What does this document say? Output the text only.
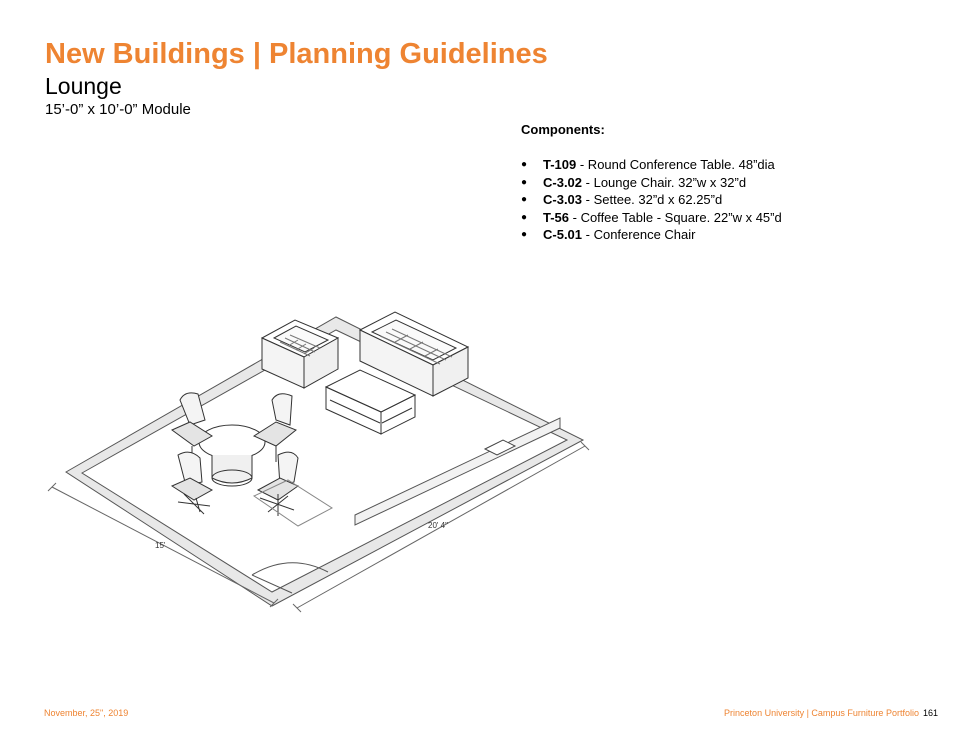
New Buildings | Planning Guidelines
Lounge
15’-0” x 10’-0” Module
Components:
● T-109 - Round Conference Table. 48”dia
● C-3.02 - Lounge Chair. 32”w x 32”d
● C-3.03 - Settee. 32”d x 62.25”d
● T-56 - Coffee Table - Square. 22”w x 45”d
● C-5.01 - Conference Chair
20' 4"
15'
November, 25", 2019	Princeton University | Campus Furniture Portfolio 161
